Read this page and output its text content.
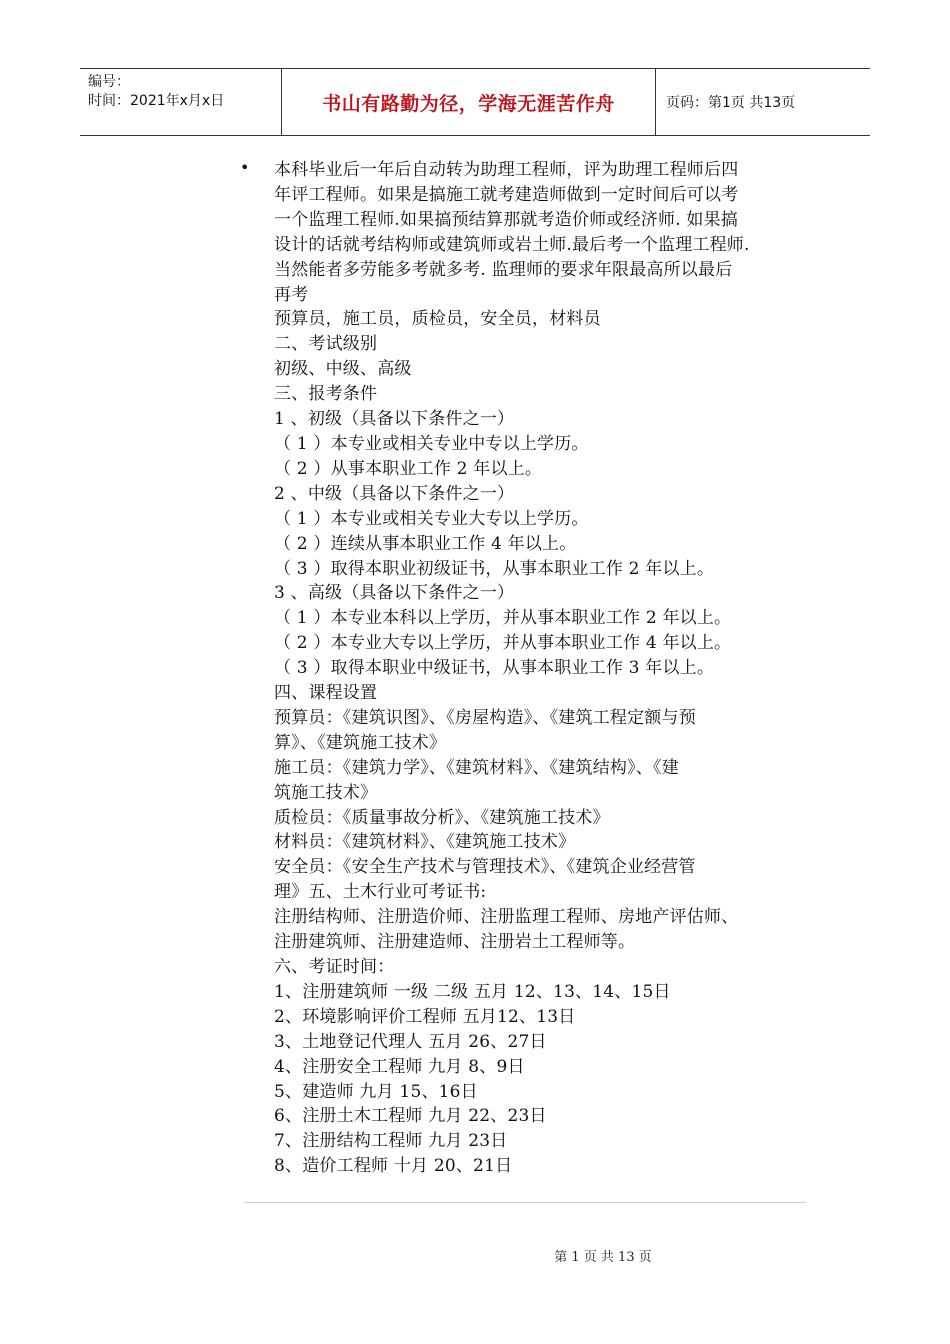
编号：
时间：2021年x月x日	书山有路勤为径，学海无涯苦作舟	页码：第1页 共13页
• 本科毕业后一年后自动转为助理工程师，评为助理工程师后四
年评工程师。如果是搞施工就考建造师做到一定时间后可以考
一个监理工程师.如果搞预结算那就考造价师或经济师. 如果搞
设计的话就考结构师或建筑师或岩土师.最后考一个监理工程师.
当然能者多劳能多考就多考. 监理师的要求年限最高所以最后
再考
预算员，施工员，质检员，安全员，材料员
二、考试级别
初级、中级、高级
三、报考条件
1 、初级（具备以下条件之一）
（ 1 ）本专业或相关专业中专以上学历。
（ 2 ）从事本职业工作 2 年以上。
2 、中级（具备以下条件之一）
（ 1 ）本专业或相关专业大专以上学历。
（ 2 ）连续从事本职业工作 4 年以上。
（ 3 ）取得本职业初级证书，从事本职业工作 2 年以上。
3 、高级（具备以下条件之一）
（ 1 ）本专业本科以上学历，并从事本职业工作 2 年以上。
（ 2 ）本专业大专以上学历，并从事本职业工作 4 年以上。
（ 3 ）取得本职业中级证书，从事本职业工作 3 年以上。
四、课程设置
预算员：《建筑识图》、《房屋构造》、《建筑工程定额与预
算》、《建筑施工技术》
施工员：《建筑力学》、《建筑材料》、《建筑结构》、《建
筑施工技术》
质检员：《质量事故分析》、《建筑施工技术》
材料员：《建筑材料》、《建筑施工技术》
安全员：《安全生产技术与管理技术》、《建筑企业经营管
理》五、土木行业可考证书:
注册结构师、注册造价师、注册监理工程师、房地产评估师、
注册建筑师、注册建造师、注册岩土工程师等。
六、考证时间：
1、注册建筑师 一级 二级 五月 12、13、14、15日
2、环境影响评价工程师 五月12、13日
3、土地登记代理人 五月 26、27日
4、注册安全工程师 九月 8、9日
5、建造师 九月 15、16日
6、注册土木工程师 九月 22、23日
7、注册结构工程师 九月 23日
8、造价工程师 十月 20、21日
第 1 页 共 13 页
